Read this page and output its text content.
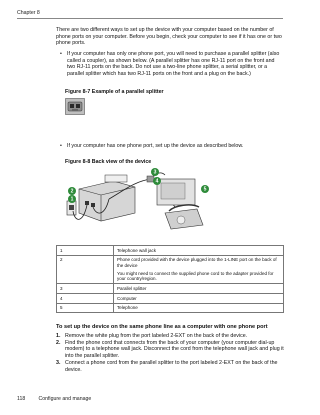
Chapter 8
There are two different ways to set up the device with your computer based on the number of phone ports on your computer. Before you begin, check your computer to see if it has one or two phone ports.
• If your computer has only one phone port, you will need to purchase a parallel splitter (also called a coupler), as shown below. (A parallel splitter has one RJ-11 port on the front and two RJ-11 ports on the back. Do not use a two-line phone splitter, a serial splitter, or a parallel splitter which has two RJ-11 ports on the front and a plug on the back.)
Figure 8-7 Example of a parallel splitter
• If your computer has one phone port, set up the device as described below.
Figure 8-8 Back view of the device
1
2
3
4
5
1	Telephone wall jack
2	Phone cord provided with the device plugged into the 1-LINE port on the back of the device
You might need to connect the supplied phone cord to the adapter provided for your country/region.

3	Parallel splitter
4	Computer
5	Telephone
To set up the device on the same phone line as a computer with one phone port
1. Remove the white plug from the port labeled 2-EXT on the back of the device.
2. Find the phone cord that connects from the back of your computer (your computer dial-up modem) to a telephone wall jack. Disconnect the cord from the telephone wall jack and plug it into the parallel splitter.
3. Connect a phone cord from the parallel splitter to the port labeled 2-EXT on the back of the device.
118	Configure and manage
